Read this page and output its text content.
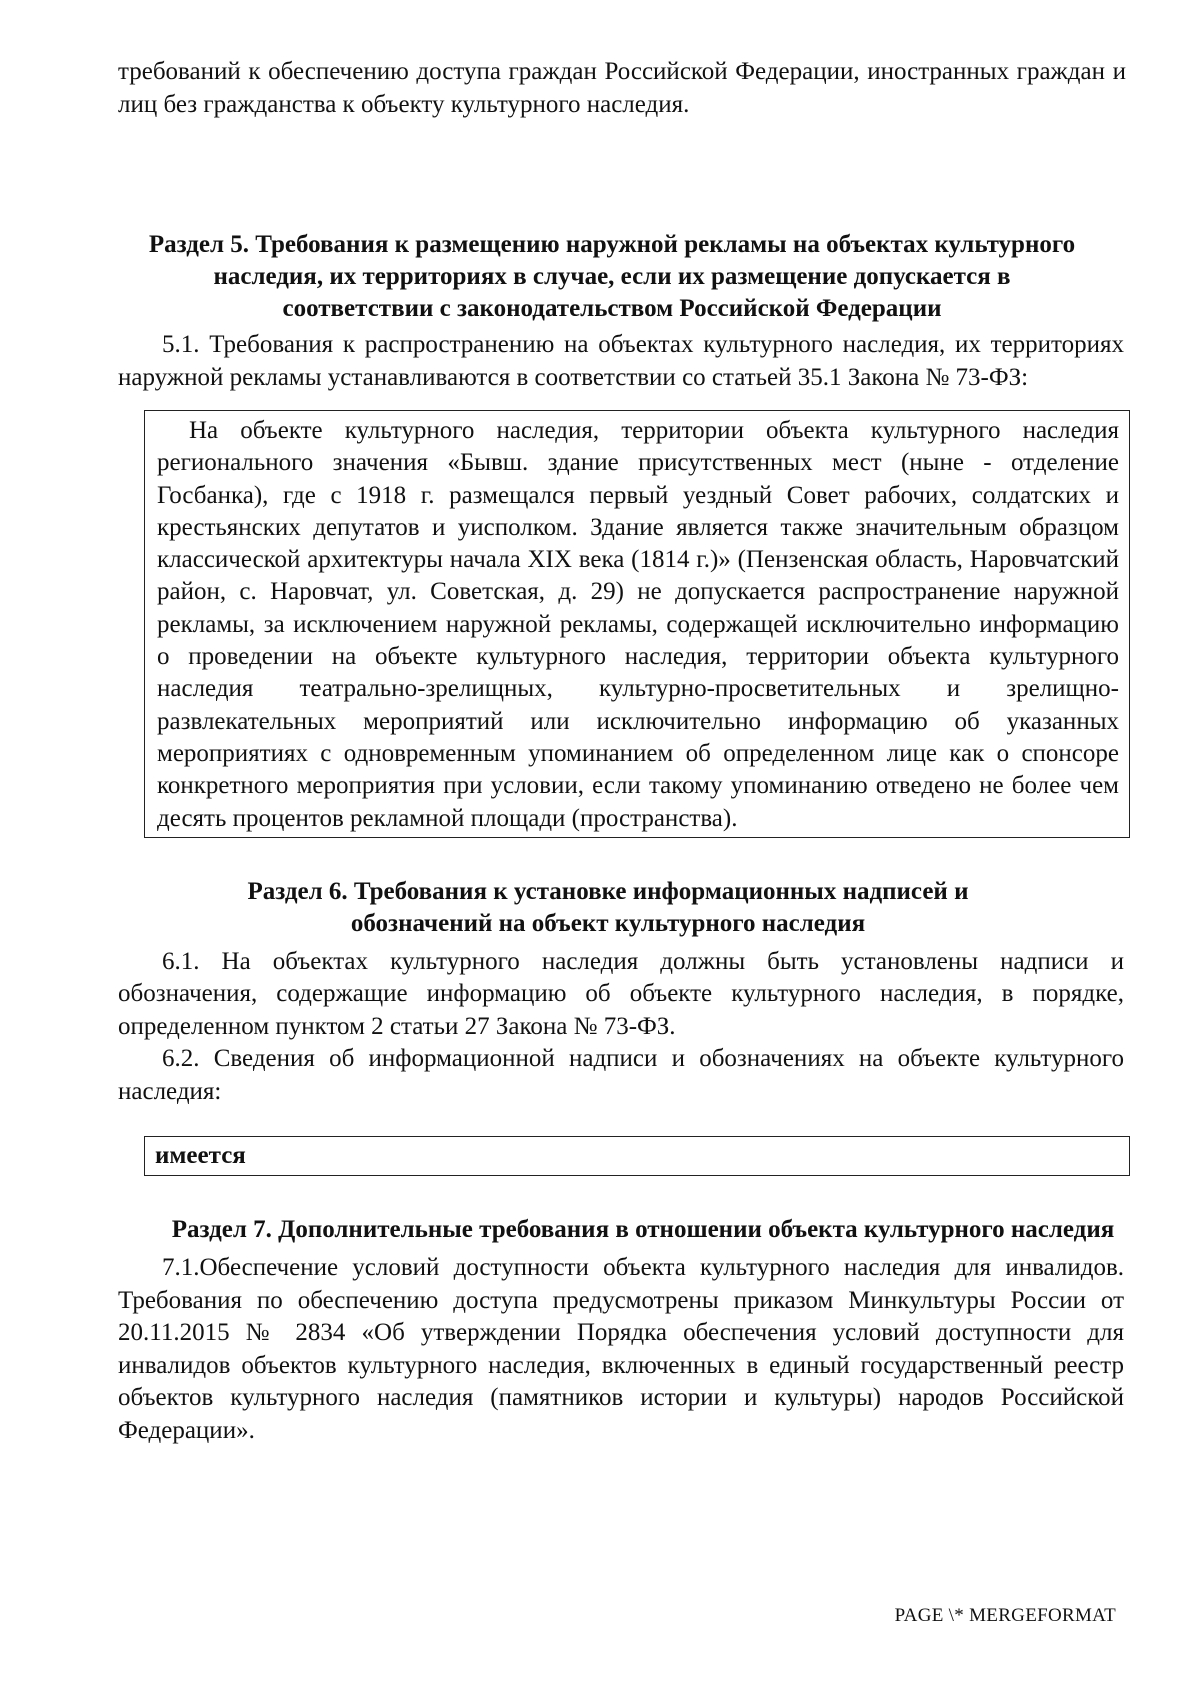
требований к обеспечению доступа граждан Российской Федерации, иностранных граждан и лиц без гражданства к объекту культурного наследия.

Раздел 5. Требования к размещению наружной рекламы на объектах культурного наследия, их территориях в случае, если их размещение допускается в соответствии с законодательством Российской Федерации

5.1. Требования к распространению на объектах культурного наследия, их территориях наружной рекламы устанавливаются в соответствии со статьей 35.1 Закона № 73-ФЗ:

На объекте культурного наследия, территории объекта культурного наследия регионального значения «Бывш. здание присутственных мест (ныне - отделение Госбанка), где с 1918 г. размещался первый уездный Совет рабочих, солдатских и крестьянских депутатов и уисполком. Здание является также значительным образцом классической архитектуры начала XIX века (1814 г.)» (Пензенская область, Наровчатский район, с. Наровчат, ул. Советская, д. 29) не допускается распространение наружной рекламы, за исключением наружной рекламы, содержащей исключительно информацию о проведении на объекте культурного наследия, территории объекта культурного наследия театрально-зрелищных, культурно-просветительных и зрелищно-развлекательных мероприятий или исключительно информацию об указанных мероприятиях с одновременным упоминанием об определенном лице как о спонсоре конкретного мероприятия при условии, если такому упоминанию отведено не более чем десять процентов рекламной площади (пространства).

Раздел 6. Требования к установке информационных надписей и обозначений на объект культурного наследия

6.1. На объектах культурного наследия должны быть установлены надписи и обозначения, содержащие информацию об объекте культурного наследия, в порядке, определенном пунктом 2 статьи 27 Закона № 73-ФЗ.

6.2. Сведения об информационной надписи и обозначениях на объекте культурного наследия:

имеется
Раздел 7. Дополнительные требования в отношении объекта культурного наследия

7.1.Обеспечение условий доступности объекта культурного наследия для инвалидов. Требования по обеспечению доступа предусмотрены приказом Минкультуры России от 20.11.2015 № 2834 «Об утверждении Порядка обеспечения условий доступности для инвалидов объектов культурного наследия, включенных в единый государственный реестр объектов культурного наследия (памятников истории и культуры) народов Российской Федерации».

PAGE \* MERGEFORMAT
